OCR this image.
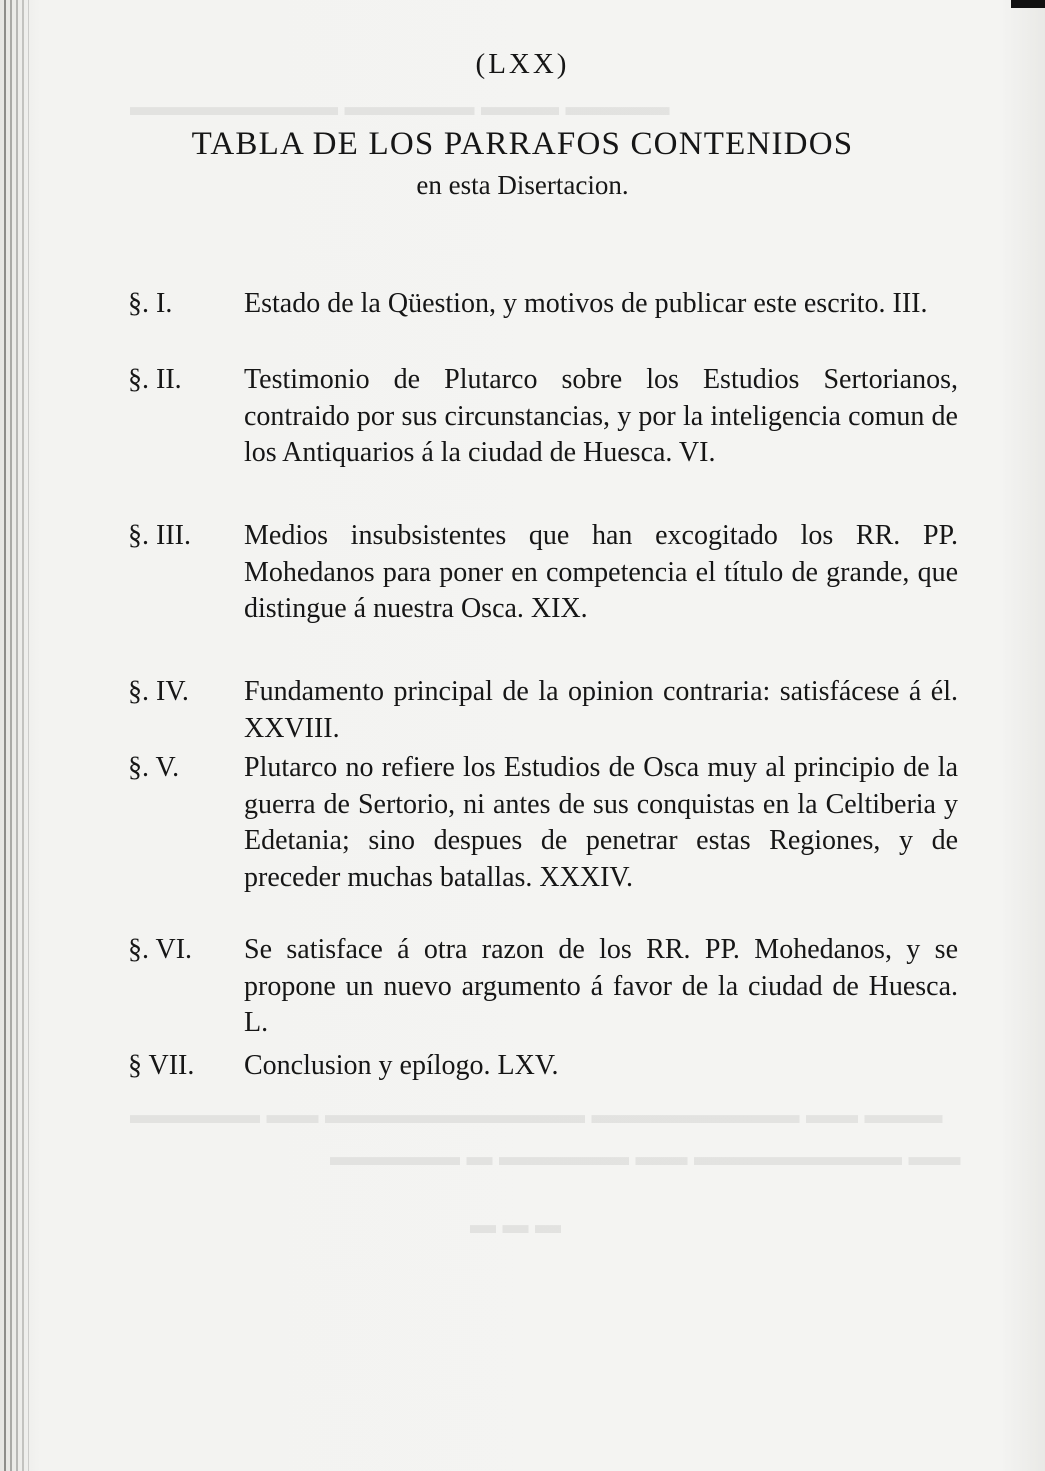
▬▬▬▬ ▬▬▬ ▬▬▬▬▬ ▬▬▬▬▬▬▬▬
▬▬▬ ▬▬ ▬▬▬▬▬▬▬▬ ▬▬▬▬▬▬▬▬▬▬ ▬▬ ▬▬▬▬▬
▬▬ ▬▬▬▬▬▬▬▬ ▬▬ ▬▬▬▬▬ ▬ ▬▬▬▬▬
▬ ▬ ▬
(LXX)
TABLA DE LOS PARRAFOS CONTENIDOS
en esta Disertacion.
§. I.	Estado de la Qüestion, y motivos de publicar este escrito. III.
§. II.	Testimonio de Plutarco sobre los Estudios Sertorianos, contraido por sus circunstancias, y por la inteligencia comun de los Antiquarios á la ciudad de Huesca. VI.
§. III.	Medios insubsistentes que han excogitado los RR. PP. Mohedanos para poner en competencia el título de grande, que distingue á nuestra Osca. XIX.
§. IV.	Fundamento principal de la opinion contraria: satisfácese á él. XXVIII.
§. V.	Plutarco no refiere los Estudios de Osca muy al principio de la guerra de Sertorio, ni antes de sus conquistas en la Celtiberia y Edetania; sino despues de penetrar estas Regiones, y de preceder muchas batallas. XXXIV.
§. VI.	Se satisface á otra razon de los RR. PP. Mohedanos, y se propone un nuevo argumento á favor de la ciudad de Huesca. L.
§ VII.	Conclusion y epílogo. LXV.
